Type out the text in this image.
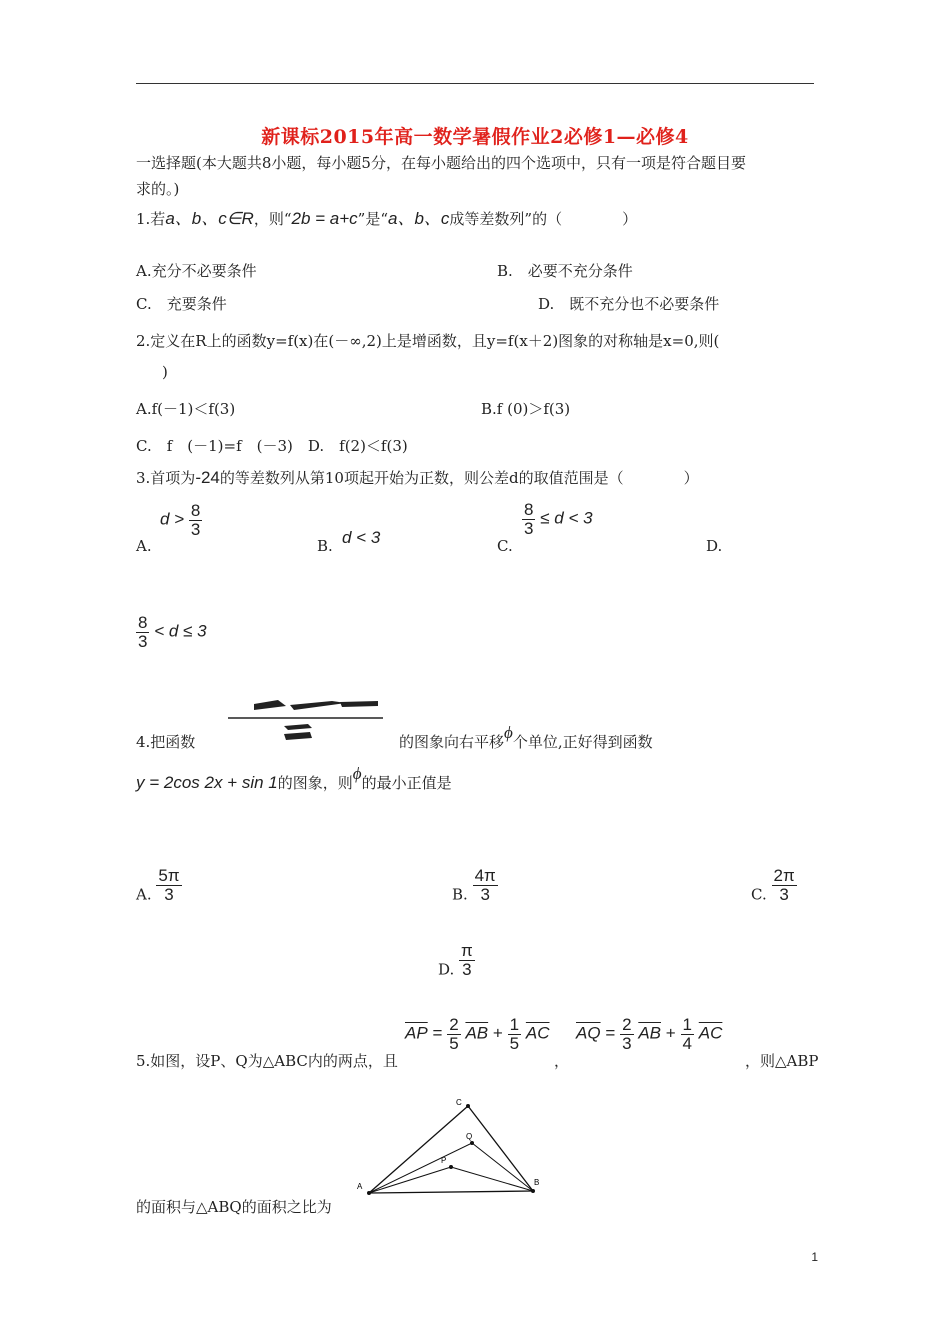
新课标2015年高一数学暑假作业2必修1—必修4
一选择题(本大题共8小题，每小题5分，在每小题给出的四个选项中，只有一项是符合题目要
求的。)
1.若a、b、c∈R，则“2b = a+c”是“a、b、c成等差数列”的（　　　　）
A.充分不必要条件	B.　必要不充分条件
C.　充要条件	D.　既不充分也不必要条件
2.定义在R上的函数y=f(x)在(－∞,2)上是增函数，且y=f(x＋2)图象的对称轴是x=0,则(
)
A.f(－1)＜f(3)	B.f (0)＞f(3)
C.　f　(－1)=f　(－3)　D.　f(2)＜f(3)
3.首项为-24的等差数列从第10项起开始为正数，则公差d的取值范围是（　　　　）
A.
$d > \frac{8}{3}$
B. d < 3	C.
$\frac{8}{3} \le d < 3$
D.
$\frac{8}{3} < d \le 3$
4.把函数	的图象向右平移ϕ个单位,正好得到函数
y = 2cos 2x + sin 1的图象，则ϕ的最小正值是
A. $\frac{5\pi}{3}$	B. $\frac{4\pi}{3}$	C. $\frac{2\pi}{3}$
D. $\frac{\pi}{3}$
5.如图，设P、Q为△ABC内的两点，且
$\overline{AP} = \frac{2}{5} \overline{AB} + \frac{1}{5} \overline{AC}$
，
$\overline{AQ} = \frac{2}{3} \overline{AB} + \frac{1}{4} \overline{AC}$
，则△ABP
A	B
C
Q
P
的面积与△ABQ的面积之比为
1
